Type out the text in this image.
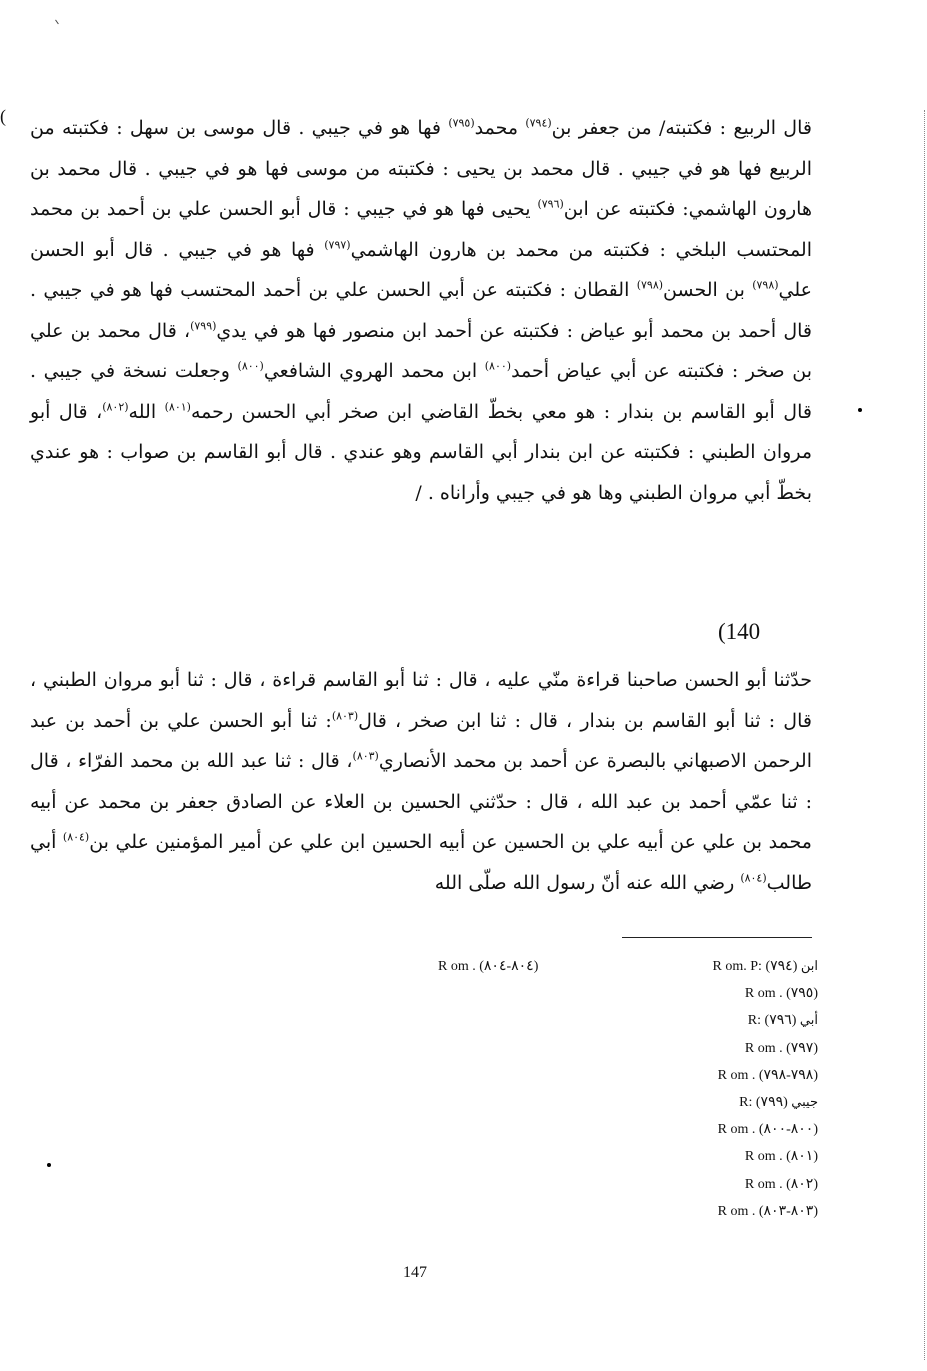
(

قال الربيع : فكتبته/ من جعفر بن$^{(٧٩٤)}$ محمد$^{(٧٩٥)}$ فها هو في جيبي . قال موسى بن سهل : فكتبته من الربيع فها هو في جيبي . قال محمد بن يحيى : فكتبته من موسى فها هو في جيبي . قال محمد بن هارون الهاشمي: فكتبته عن ابن$^{(٧٩٦)}$ يحيى فها هو في جيبي : قال أبو الحسن علي بن أحمد بن محمد المحتسب البلخي : فكتبته من محمد بن هارون الهاشمي$^{(٧٩٧)}$ فها هو في جيبي . قال أبو الحسن علي$^{(٧٩٨)}$ بن الحسن$^{(٧٩٨)}$ القطان : فكتبته عن أبي الحسن علي بن أحمد المحتسب فها هو في جيبي . قال أحمد بن محمد أبو عياض : فكتبته عن أحمد ابن منصور فها هو في يدي$^{(٧٩٩)}$، قال محمد بن علي بن صخر : فكتبته عن أبي عياض أحمد$^{(٨٠٠)}$ ابن محمد الهروي الشافعي$^{(٨٠٠)}$ وجعلت نسخة في جيبي . قال أبو القاسم بن بندار : هو معي بخطّ القاضي ابن صخر أبي الحسن رحمه$^{(٨٠١)}$ الله$^{(٨٠٢)}$، قال أبو مروان الطبني : فكتبته عن ابن بندار أبي القاسم وهو عندي . قال أبو القاسم بن صواب : هو عندي بخطّ أبي مروان الطبني وها هو في جيبي وأراناه . /

(140

حدّثنا أبو الحسن صاحبنا قراءة منّي عليه ، قال : ثنا أبو القاسم قراءة ، قال : ثنا أبو مروان الطبني ، قال : ثنا أبو القاسم بن بندار ، قال : ثنا ابن صخر ، قال$^{(٨٠٣)}$: ثنا أبو الحسن علي بن أحمد بن عبد الرحمن الاصبهاني بالبصرة عن أحمد بن محمد الأنصاري$^{(٨٠٣)}$، قال : ثنا عبد الله بن محمد الفرّاء ، قال : ثنا عمّي أحمد بن عبد الله ، قال : حدّثني الحسين بن العلاء عن الصادق جعفر بن محمد عن أبيه محمد بن علي عن أبيه علي بن الحسين عن أبيه الحسين ابن علي عن أمير المؤمنين علي بن$^{(٨٠٤)}$ أبي طالب$^{(٨٠٤)}$ رضي الله عنه أنّ رسول الله صلّى الله

R om . (٨٠٤-٨٠٤)	R om. P:	ابن (٧٩٤)
R om . (٧٩٥)
R:	أبي (٧٩٦)
R om . (٧٩٧)
R om . (٧٩٨-٧٩٨)
R:	جيبي (٧٩٩)
R om . (٨٠٠-٨٠٠)
R om . (٨٠١)
R om . (٨٠٢)
R om . (٨٠٣-٨٠٣)
147
